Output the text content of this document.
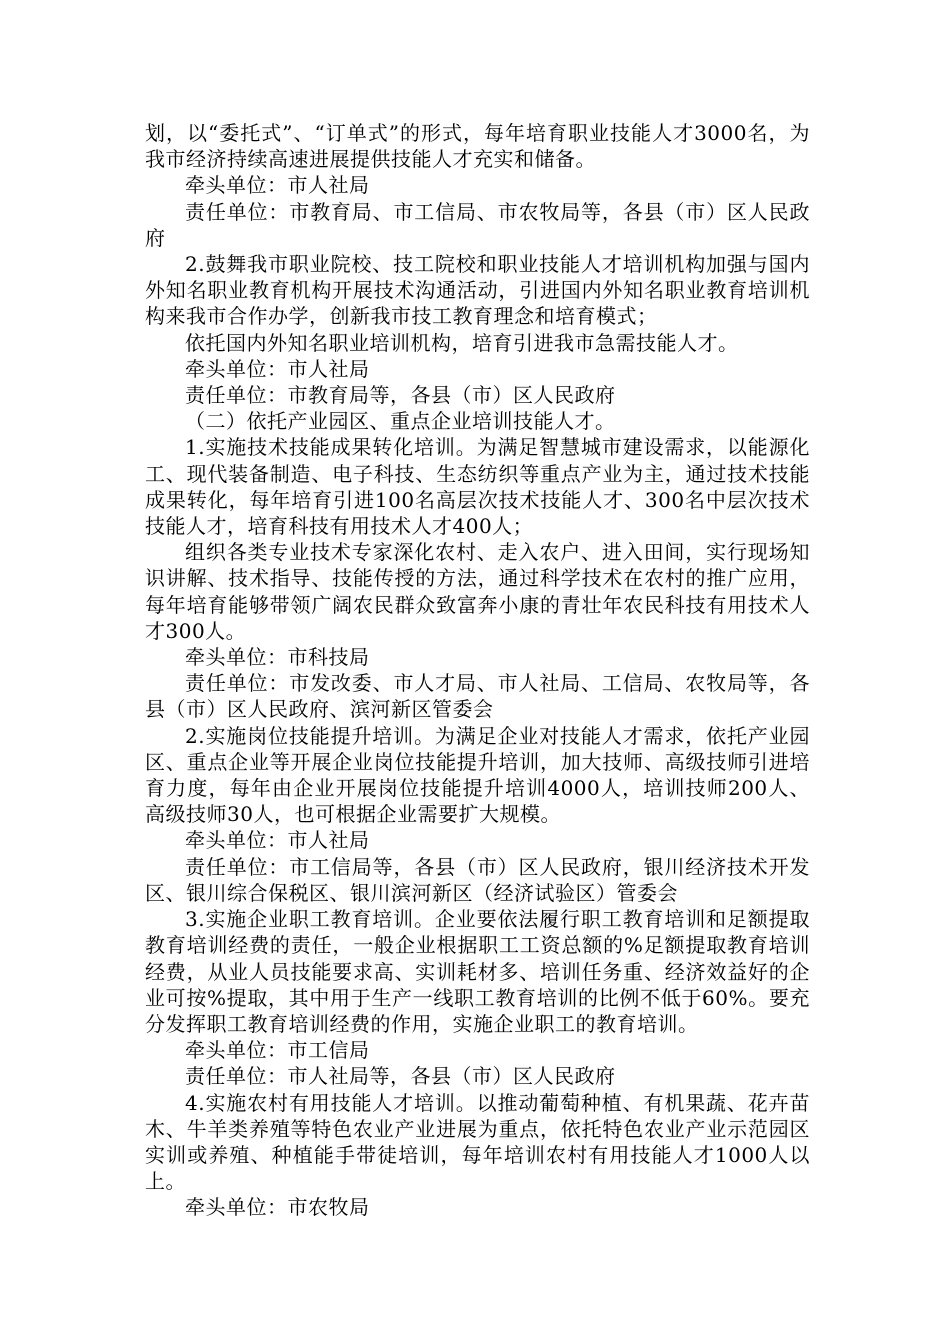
划，以“委托式”、“订单式”的形式，每年培育职业技能人才3000名，为我市经济持续高速进展提供技能人才充实和储备。

牵头单位：市人社局

责任单位：市教育局、市工信局、市农牧局等，各县（市）区人民政府

2.鼓舞我市职业院校、技工院校和职业技能人才培训机构加强与国内外知名职业教育机构开展技术沟通活动，引进国内外知名职业教育培训机构来我市合作办学，创新我市技工教育理念和培育模式；

依托国内外知名职业培训机构，培育引进我市急需技能人才。

牵头单位：市人社局

责任单位：市教育局等，各县（市）区人民政府

（二）依托产业园区、重点企业培训技能人才。

1.实施技术技能成果转化培训。为满足智慧城市建设需求，以能源化工、现代装备制造、电子科技、生态纺织等重点产业为主，通过技术技能成果转化，每年培育引进100名高层次技术技能人才、300名中层次技术技能人才，培育科技有用技术人才400人；

组织各类专业技术专家深化农村、走入农户、进入田间，实行现场知识讲解、技术指导、技能传授的方法，通过科学技术在农村的推广应用，每年培育能够带领广阔农民群众致富奔小康的青壮年农民科技有用技术人才300人。

牵头单位：市科技局

责任单位：市发改委、市人才局、市人社局、工信局、农牧局等，各县（市）区人民政府、滨河新区管委会

2.实施岗位技能提升培训。为满足企业对技能人才需求，依托产业园区、重点企业等开展企业岗位技能提升培训，加大技师、高级技师引进培育力度，每年由企业开展岗位技能提升培训4000人，培训技师200人、高级技师30人，也可根据企业需要扩大规模。

牵头单位：市人社局

责任单位：市工信局等，各县（市）区人民政府，银川经济技术开发区、银川综合保税区、银川滨河新区（经济试验区）管委会

3.实施企业职工教育培训。企业要依法履行职工教育培训和足额提取教育培训经费的责任，一般企业根据职工工资总额的%足额提取教育培训经费，从业人员技能要求高、实训耗材多、培训任务重、经济效益好的企业可按%提取，其中用于生产一线职工教育培训的比例不低于60%。要充分发挥职工教育培训经费的作用，实施企业职工的教育培训。

牵头单位：市工信局

责任单位：市人社局等，各县（市）区人民政府

4.实施农村有用技能人才培训。以推动葡萄种植、有机果蔬、花卉苗木、牛羊类养殖等特色农业产业进展为重点，依托特色农业产业示范园区实训或养殖、种植能手带徒培训，每年培训农村有用技能人才1000人以上。

牵头单位：市农牧局
